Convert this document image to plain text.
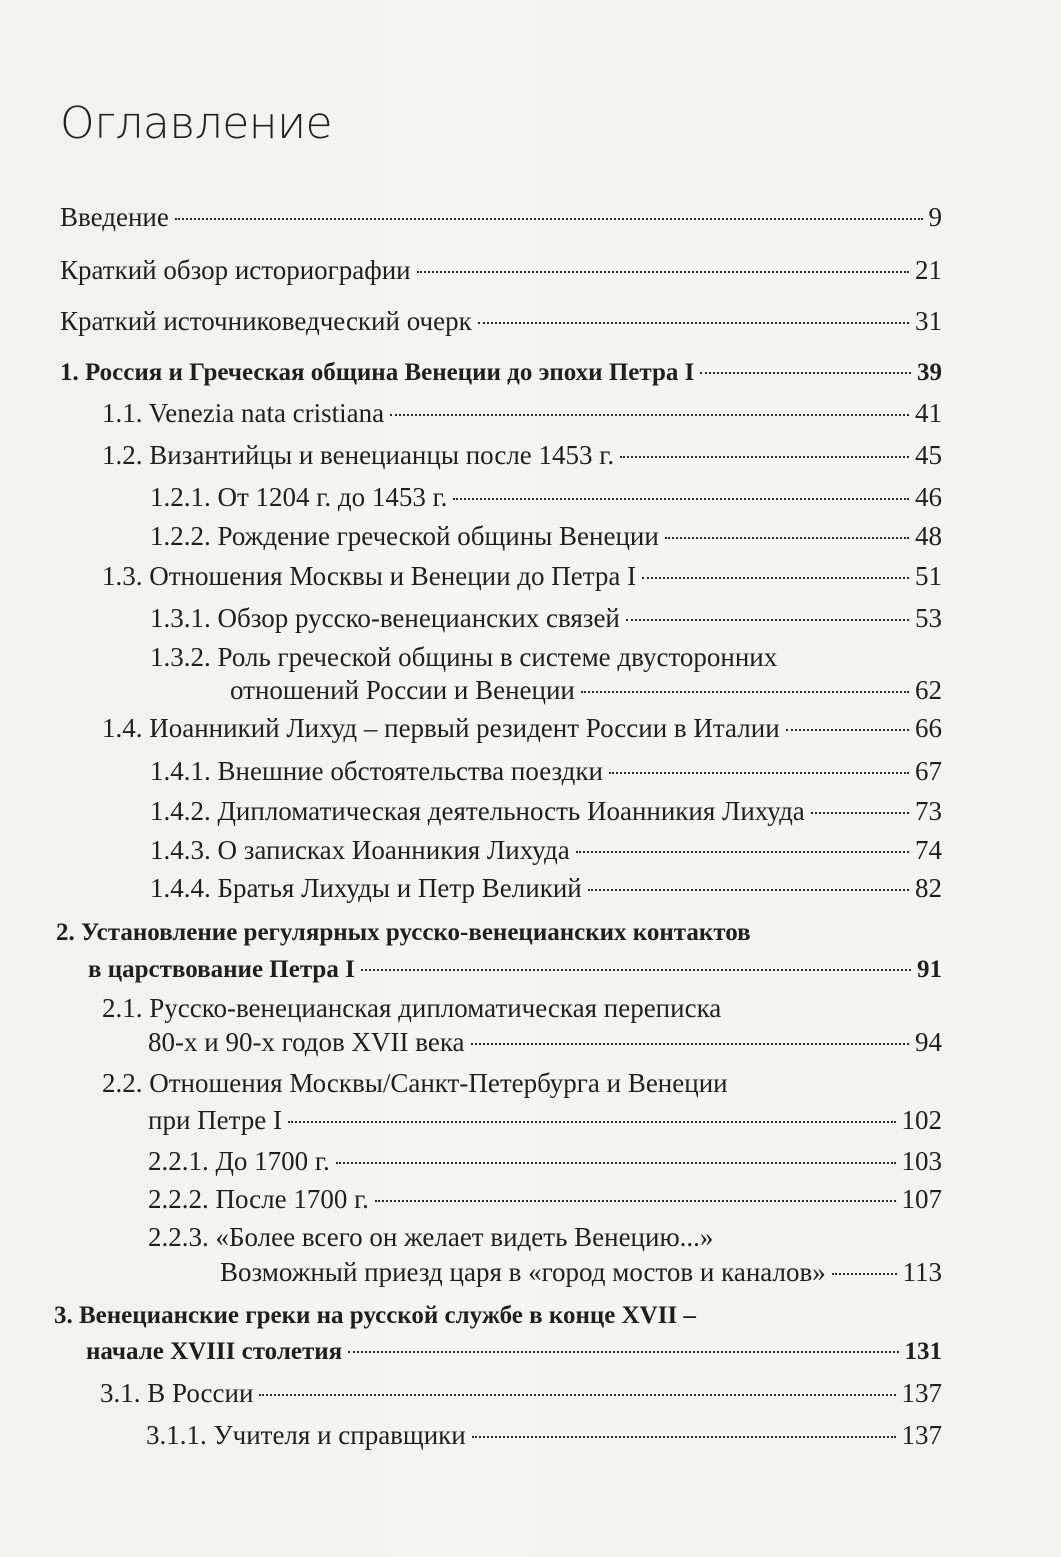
Оглавление
Введение	9
Краткий обзор историографии	21
Краткий источниковедческий очерк	31
1. Россия и Греческая община Венеции до эпохи Петра I	39
1.1. Venezia nata cristiana	41
1.2. Византийцы и венецианцы после 1453 г.	45
1.2.1. От 1204 г. до 1453 г.	46
1.2.2. Рождение греческой общины Венеции	48
1.3. Отношения Москвы и Венеции до Петра I	51
1.3.1. Обзор русско-венецианских связей	53
1.3.2. Роль греческой общины в системе двусторонних
отношений России и Венеции	62
1.4. Иоанникий Лихуд – первый резидент России в Италии	66
1.4.1. Внешние обстоятельства поездки	67
1.4.2. Дипломатическая деятельность Иоанникия Лихуда	73
1.4.3. О записках Иоанникия Лихуда	74
1.4.4. Братья Лихуды и Петр Великий	82
2. Установление регулярных русско-венецианских контактов
в царствование Петра I	91
2.1. Русско-венецианская дипломатическая переписка
80-х и 90-х годов XVII века	94
2.2. Отношения Москвы/Санкт-Петербурга и Венеции
при Петре I	102
2.2.1. До 1700 г.	103
2.2.2. После 1700 г.	107
2.2.3. «Более всего он желает видеть Венецию...»
Возможный приезд царя в «город мостов и каналов»	113
3. Венецианские греки на русской службе в конце XVII –
начале XVIII столетия	131
3.1. В России	137
3.1.1. Учителя и справщики	137
